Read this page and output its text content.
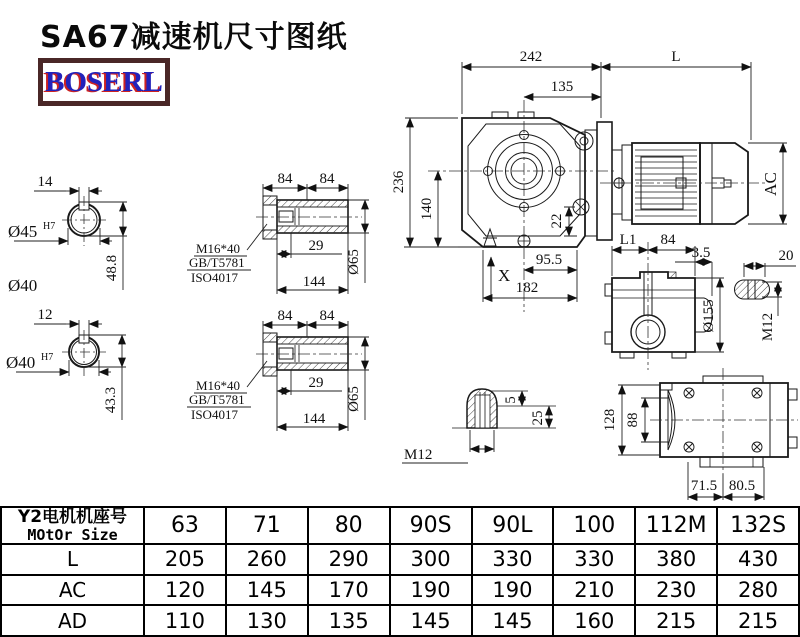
SA67减速机尺寸图纸
BOSERL
242	L
135
236
140
22
95.5
182
X
AC
14
48.8
Ø45 H7
Ø40
12
43.3
Ø40 H7
84 84
29
144
Ø65
M16*40
GB/T5781
ISO4017
84 84
29
144
Ø65
M16*40
GB/T5781
ISO4017
L1 84
3.5
Ø155
20
M12
128 88
71.5 80.5
5
25
M12
Y2电机机座号
MOtOr Size	63	71	80	90S	90L	100	112M	132S
L	205	260	290	300	330	330	380	430
AC	120	145	170	190	190	210	230	280
AD	110	130	135	145	145	160	215	215
